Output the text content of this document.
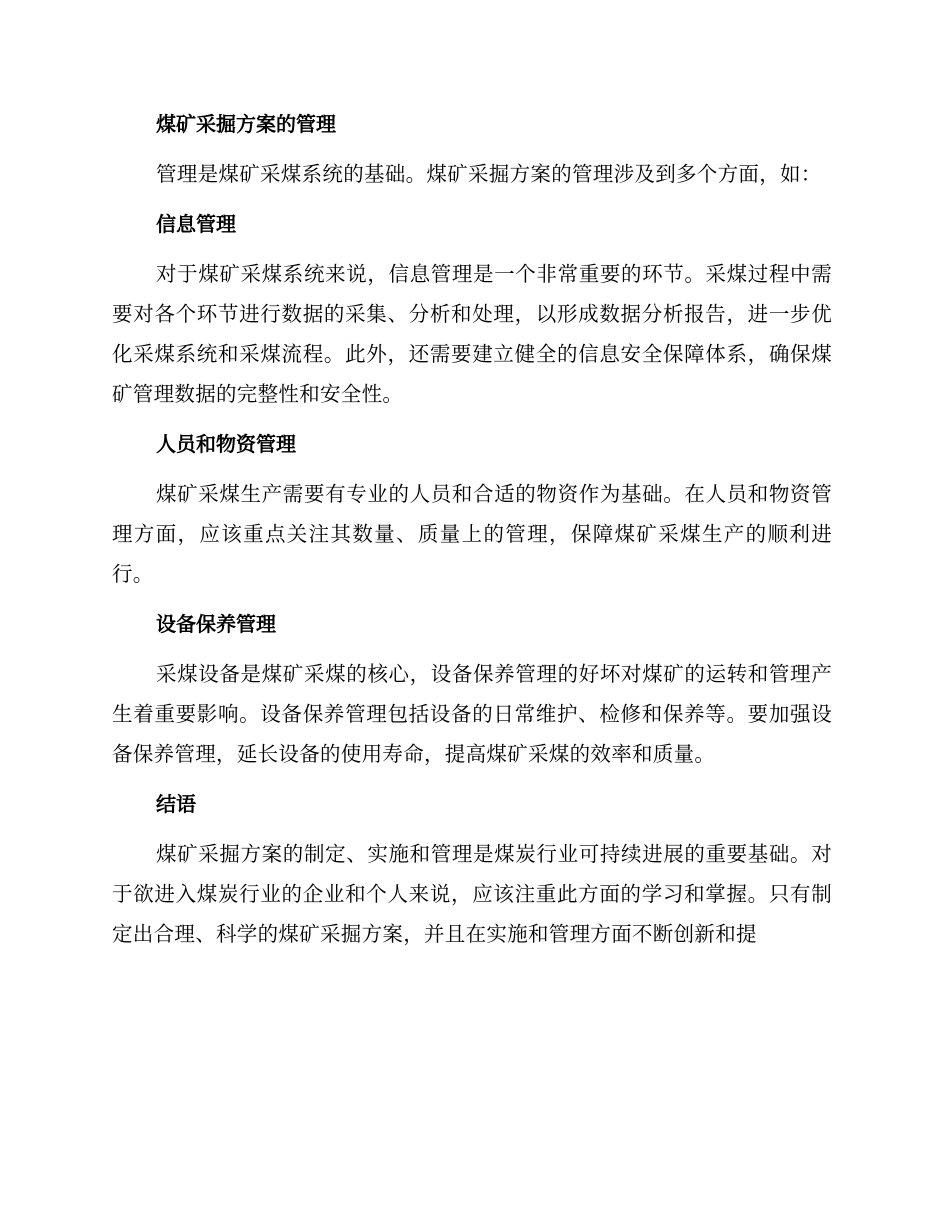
煤矿采掘方案的管理

管理是煤矿采煤系统的基础。煤矿采掘方案的管理涉及到多个方面，如：

信息管理

对于煤矿采煤系统来说，信息管理是一个非常重要的环节。采煤过程中需要对各个环节进行数据的采集、分析和处理，以形成数据分析报告，进一步优化采煤系统和采煤流程。此外，还需要建立健全的信息安全保障体系，确保煤矿管理数据的完整性和安全性。

人员和物资管理

煤矿采煤生产需要有专业的人员和合适的物资作为基础。在人员和物资管理方面，应该重点关注其数量、质量上的管理，保障煤矿采煤生产的顺利进行。

设备保养管理

采煤设备是煤矿采煤的核心，设备保养管理的好坏对煤矿的运转和管理产生着重要影响。设备保养管理包括设备的日常维护、检修和保养等。要加强设备保养管理，延长设备的使用寿命，提高煤矿采煤的效率和质量。

结语

煤矿采掘方案的制定、实施和管理是煤炭行业可持续进展的重要基础。对于欲进入煤炭行业的企业和个人来说，应该注重此方面的学习和掌握。只有制定出合理、科学的煤矿采掘方案，并且在实施和管理方面不断创新和提
